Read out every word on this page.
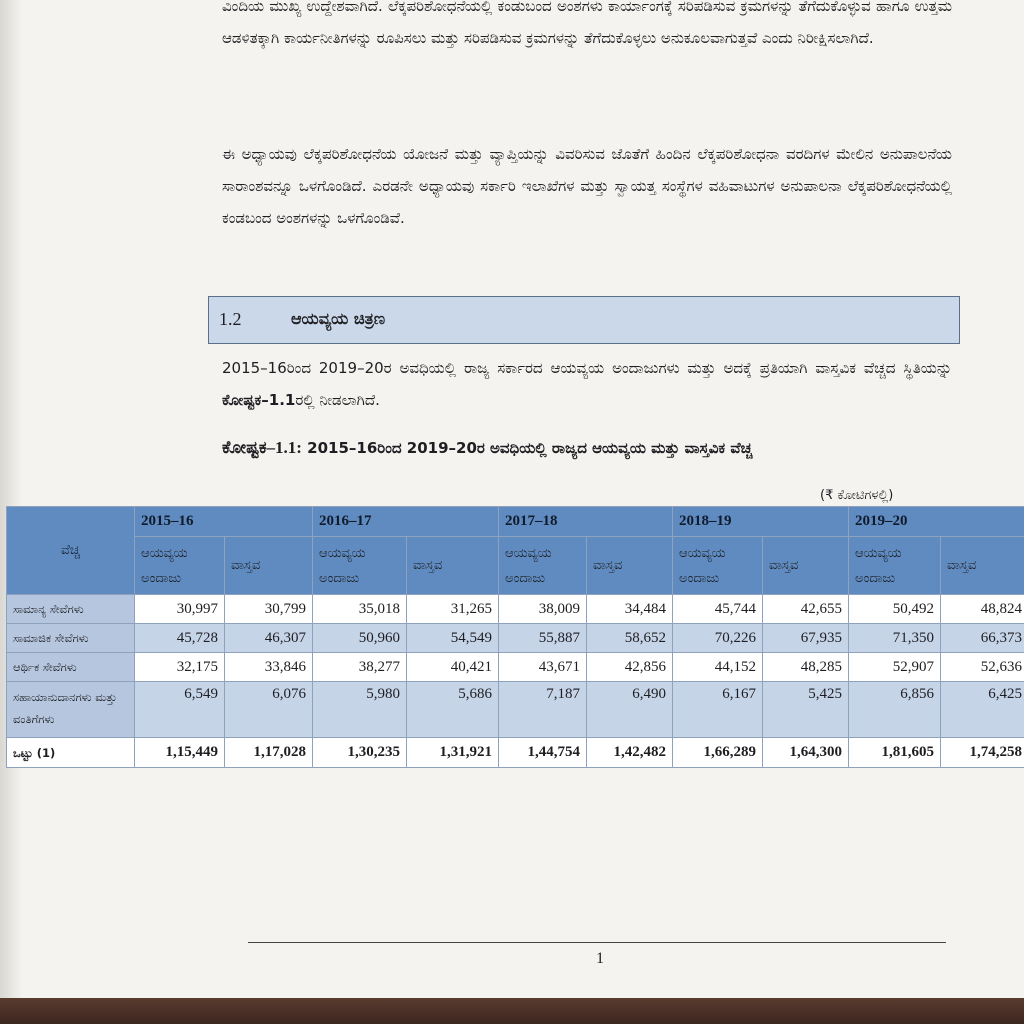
ವಿಂದಿಯ ಮುಖ್ಯ ಉದ್ದೇಶವಾಗಿದೆ. ಲೆಕ್ಕಪರಿಶೋಧನೆಯಲ್ಲಿ ಕಂಡುಬಂದ ಅಂಶಗಳು ಕಾರ್ಯಾಂಗಕ್ಕೆ ಸರಿಪಡಿಸುವ ಕ್ರಮಗಳನ್ನು ತೆಗೆದುಕೊಳ್ಳುವ ಹಾಗೂ ಉತ್ತಮ ಆಡಳಿತಕ್ಕಾಗಿ ಕಾರ್ಯನೀತಿಗಳನ್ನು ರೂಪಿಸಲು ಮತ್ತು ಸರಿಪಡಿಸುವ ಕ್ರಮಗಳನ್ನು ತೆಗೆದುಕೊಳ್ಳಲು ಅನುಕೂಲವಾಗುತ್ತವೆ ಎಂದು ನಿರೀಕ್ಷಿಸಲಾಗಿದೆ.

ಈ ಅಧ್ಯಾಯವು ಲೆಕ್ಕಪರಿಶೋಧನೆಯ ಯೋಜನೆ ಮತ್ತು ವ್ಯಾಪ್ತಿಯನ್ನು ವಿವರಿಸುವ ಜೊತೆಗೆ ಹಿಂದಿನ ಲೆಕ್ಕಪರಿಶೋಧನಾ ವರದಿಗಳ ಮೇಲಿನ ಅನುಪಾಲನೆಯ ಸಾರಾಂಶವನ್ನೂ ಒಳಗೊಂಡಿದೆ. ಎರಡನೇ ಅಧ್ಯಾಯವು ಸರ್ಕಾರಿ ಇಲಾಖೆಗಳ ಮತ್ತು ಸ್ವಾಯತ್ತ ಸಂಸ್ಥೆಗಳ ವಹಿವಾಟುಗಳ ಅನುಪಾಲನಾ ಲೆಕ್ಕಪರಿಶೋಧನೆಯಲ್ಲಿ ಕಂಡಬಂದ ಅಂಶಗಳನ್ನು ಒಳಗೊಂಡಿವೆ.

1.2	ಆಯವ್ಯಯ ಚಿತ್ರಣ

2015–16ರಿಂದ 2019–20ರ ಅವಧಿಯಲ್ಲಿ ರಾಜ್ಯ ಸರ್ಕಾರದ ಆಯವ್ಯಯ ಅಂದಾಜುಗಳು ಮತ್ತು ಅದಕ್ಕೆ ಪ್ರತಿಯಾಗಿ ವಾಸ್ತವಿಕ ವೆಚ್ಚದ ಸ್ಥಿತಿಯನ್ನು ಕೋಷ್ಟಕ–1.1ರಲ್ಲಿ ನೀಡಲಾಗಿದೆ.

ಕೋಷ್ಟಕ–1.1: 2015–16ರಿಂದ 2019–20ರ ಅವಧಿಯಲ್ಲಿ ರಾಜ್ಯದ ಆಯವ್ಯಯ ಮತ್ತು ವಾಸ್ತವಿಕ ವೆಚ್ಚ
(₹ ಕೋಟಿಗಳಲ್ಲಿ)
ವೆಚ್ಚ	2015–16		2016–17		2017–18		2018–19		2019–20	
	ಆಯವ್ಯಯ ಅಂದಾಜು	ವಾಸ್ತವ	ಆಯವ್ಯಯ ಅಂದಾಜು	ವಾಸ್ತವ	ಆಯವ್ಯಯ ಅಂದಾಜು	ವಾಸ್ತವ	ಆಯವ್ಯಯ ಅಂದಾಜು	ವಾಸ್ತವ	ಆಯವ್ಯಯ ಅಂದಾಜು	ವಾಸ್ತವ
ಸಾಮಾನ್ಯ ಸೇವೆಗಳು	30,997	30,799	35,018	31,265	38,009	34,484	45,744	42,655	50,492	48,824
ಸಾಮಾಜಿಕ ಸೇವೆಗಳು	45,728	46,307	50,960	54,549	55,887	58,652	70,226	67,935	71,350	66,373
ಆರ್ಥಿಕ ಸೇವೆಗಳು	32,175	33,846	38,277	40,421	43,671	42,856	44,152	48,285	52,907	52,636
ಸಹಾಯಾನುದಾನಗಳು ಮತ್ತು ವಂತಿಗೆಗಳು	6,549	6,076	5,980	5,686	7,187	6,490	6,167	5,425	6,856	6,425
ಒಟ್ಟು (1)	1,15,449	1,17,028	1,30,235	1,31,921	1,44,754	1,42,482	1,66,289	1,64,300	1,81,605	1,74,258
1
